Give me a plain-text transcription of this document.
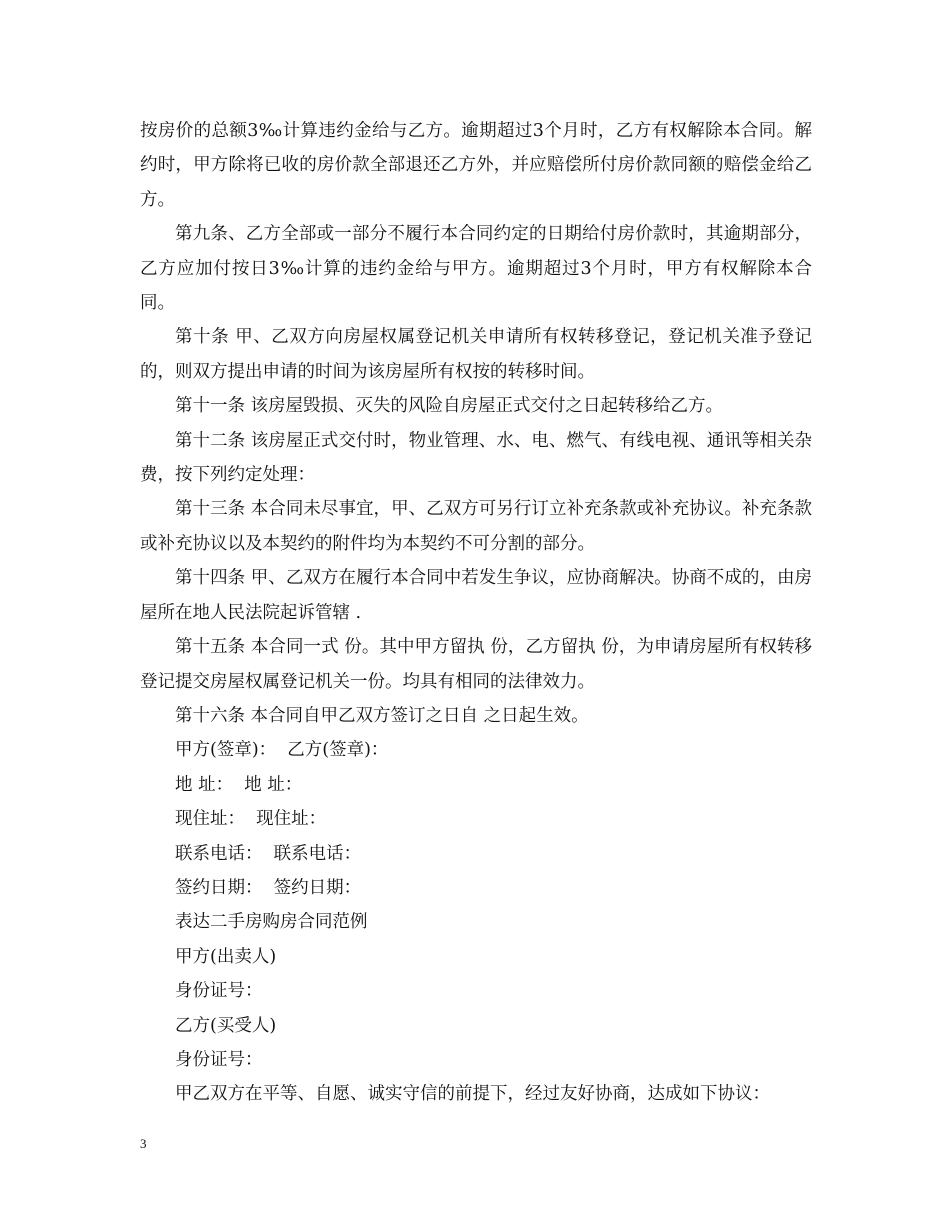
按房价的总额3‰计算违约金给与乙方。逾期超过3个月时，乙方有权解除本合同。解约时，甲方除将已收的房价款全部退还乙方外，并应赔偿所付房价款同额的赔偿金给乙方。

第九条、乙方全部或一部分不履行本合同约定的日期给付房价款时，其逾期部分，乙方应加付按日3‰计算的违约金给与甲方。逾期超过3个月时，甲方有权解除本合同。

第十条 甲、乙双方向房屋权属登记机关申请所有权转移登记，登记机关准予登记的，则双方提出申请的时间为该房屋所有权按的转移时间。

第十一条 该房屋毁损、灭失的风险自房屋正式交付之日起转移给乙方。

第十二条 该房屋正式交付时，物业管理、水、电、燃气、有线电视、通讯等相关杂费，按下列约定处理：

第十三条 本合同未尽事宜，甲、乙双方可另行订立补充条款或补充协议。补充条款或补充协议以及本契约的附件均为本契约不可分割的部分。

第十四条 甲、乙双方在履行本合同中若发生争议，应协商解决。协商不成的，由房屋所在地人民法院起诉管辖 .

第十五条 本合同一式 份。其中甲方留执 份，乙方留执 份，为申请房屋所有权转移登记提交房屋权属登记机关一份。均具有相同的法律效力。

第十六条 本合同自甲乙双方签订之日自 之日起生效。

甲方(签章)：  乙方(签章)：

地 址：  地 址：

现住址：  现住址：

联系电话：  联系电话：

签约日期：  签约日期：

表达二手房购房合同范例

甲方(出卖人)

身份证号：

乙方(买受人)

身份证号：

甲乙双方在平等、自愿、诚实守信的前提下，经过友好协商，达成如下协议：

3
